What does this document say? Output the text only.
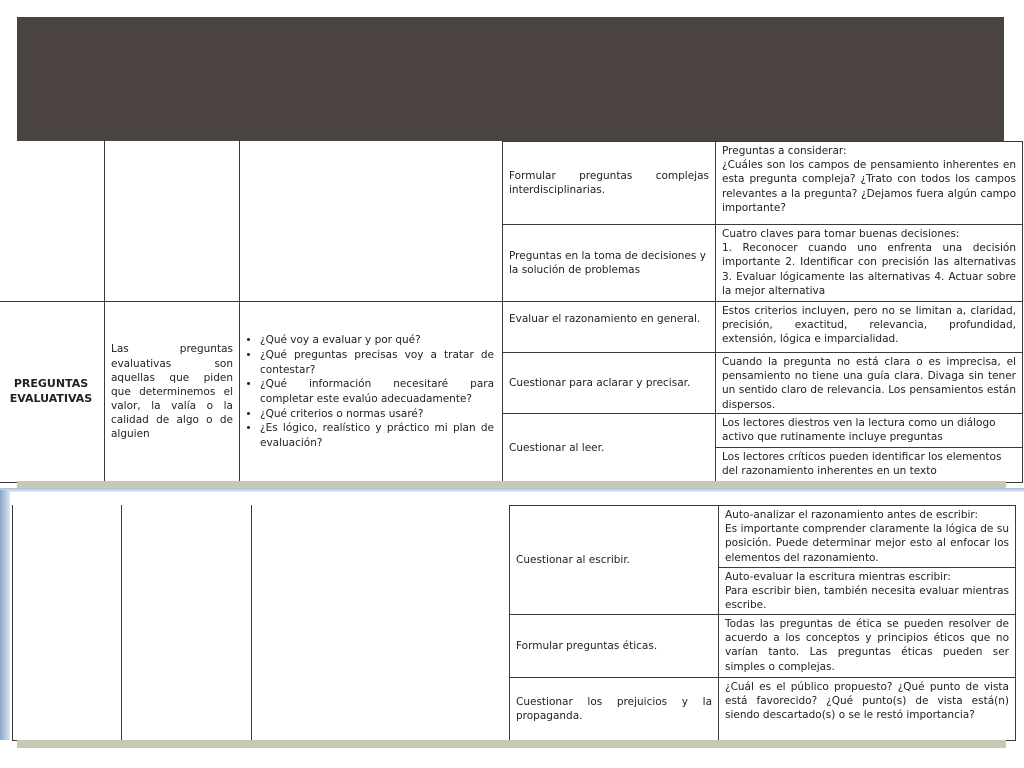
Formular preguntas complejas interdisciplinarias.
Preguntas a considerar:
¿Cuáles son los campos de pensamiento inherentes en esta pregunta compleja? ¿Trato con todos los campos relevantes a la pregunta? ¿Dejamos fuera algún campo importante?
Preguntas en la toma de decisiones y la solución de problemas
Cuatro claves para tomar buenas decisiones:
1. Reconocer cuando uno enfrenta una decisión importante 2. Identificar con precisión las alternativas 3. Evaluar lógicamente las alternativas 4. Actuar sobre la mejor alternativa
PREGUNTAS EVALUATIVAS
Las preguntas evaluativas son aquellas que piden que determinemos el valor, la valía o la calidad de algo o de alguien
• ¿Qué voy a evaluar y por qué?
• ¿Qué preguntas precisas voy a tratar de contestar?
• ¿Qué información necesitaré para completar este evalúo adecuadamente?
• ¿Qué criterios o normas usaré?
• ¿Es lógico, realístico y práctico mi plan de evaluación?
Evaluar el razonamiento en general.
Estos criterios incluyen, pero no se limitan a, claridad, precisión, exactitud, relevancia, profundidad, extensión, lógica e imparcialidad.
Cuestionar para aclarar y precisar.
Cuando la pregunta no está clara o es imprecisa, el pensamiento no tiene una guía clara. Divaga sin tener un sentido claro de relevancia. Los pensamientos están dispersos.
Cuestionar al leer.
Los lectores diestros ven la lectura como un diálogo activo que rutinamente incluye preguntas
Los lectores críticos pueden identificar los elementos del razonamiento inherentes en un texto
Cuestionar al escribir.
Auto-analizar el razonamiento antes de escribir:
Es importante comprender claramente la lógica de su posición. Puede determinar mejor esto al enfocar los elementos del razonamiento.
Auto-evaluar la escritura mientras escribir:
Para escribir bien, también necesita evaluar mientras escribe.
Formular preguntas éticas.
Todas las preguntas de ética se pueden resolver de acuerdo a los conceptos y principios éticos que no varían tanto. Las preguntas éticas pueden ser simples o complejas.
Cuestionar los prejuicios y la propaganda.
¿Cuál es el público propuesto? ¿Qué punto de vista está favorecido? ¿Qué punto(s) de vista está(n) siendo descartado(s) o se le restó importancia?
